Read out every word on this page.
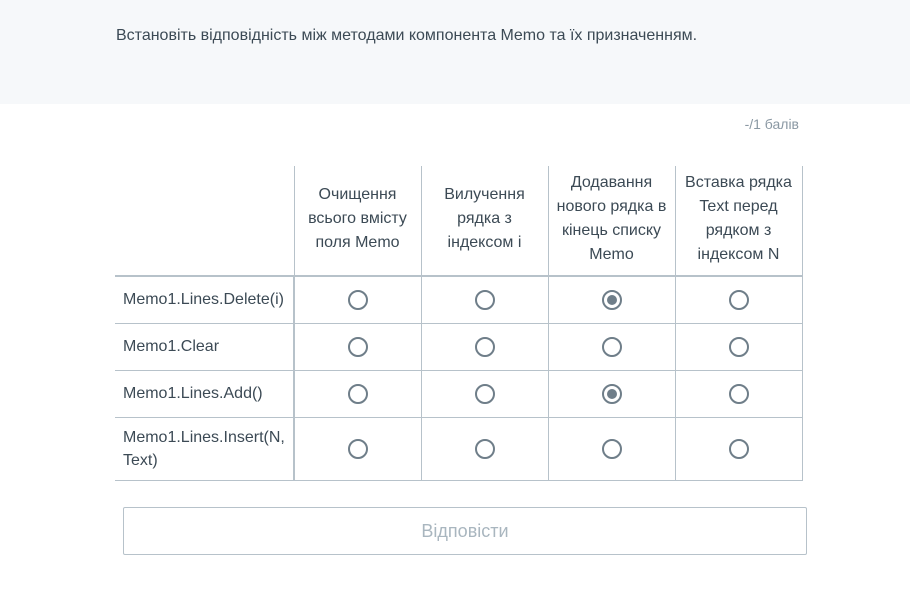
Встановіть відповідність між методами компонента Memo та їх призначенням.
-/1 балів
	Очищення всього вмісту поля Memo	Вилучення рядка з індексом і	Додавання нового рядка в кінець списку Memo	Вставка рядка Text перед рядком з індексом N
Memo1.Lines.Delete(i)				
Memo1.Clear				
Memo1.Lines.Add()				
Memo1.Lines.Insert(N, Text)				
Відповісти
